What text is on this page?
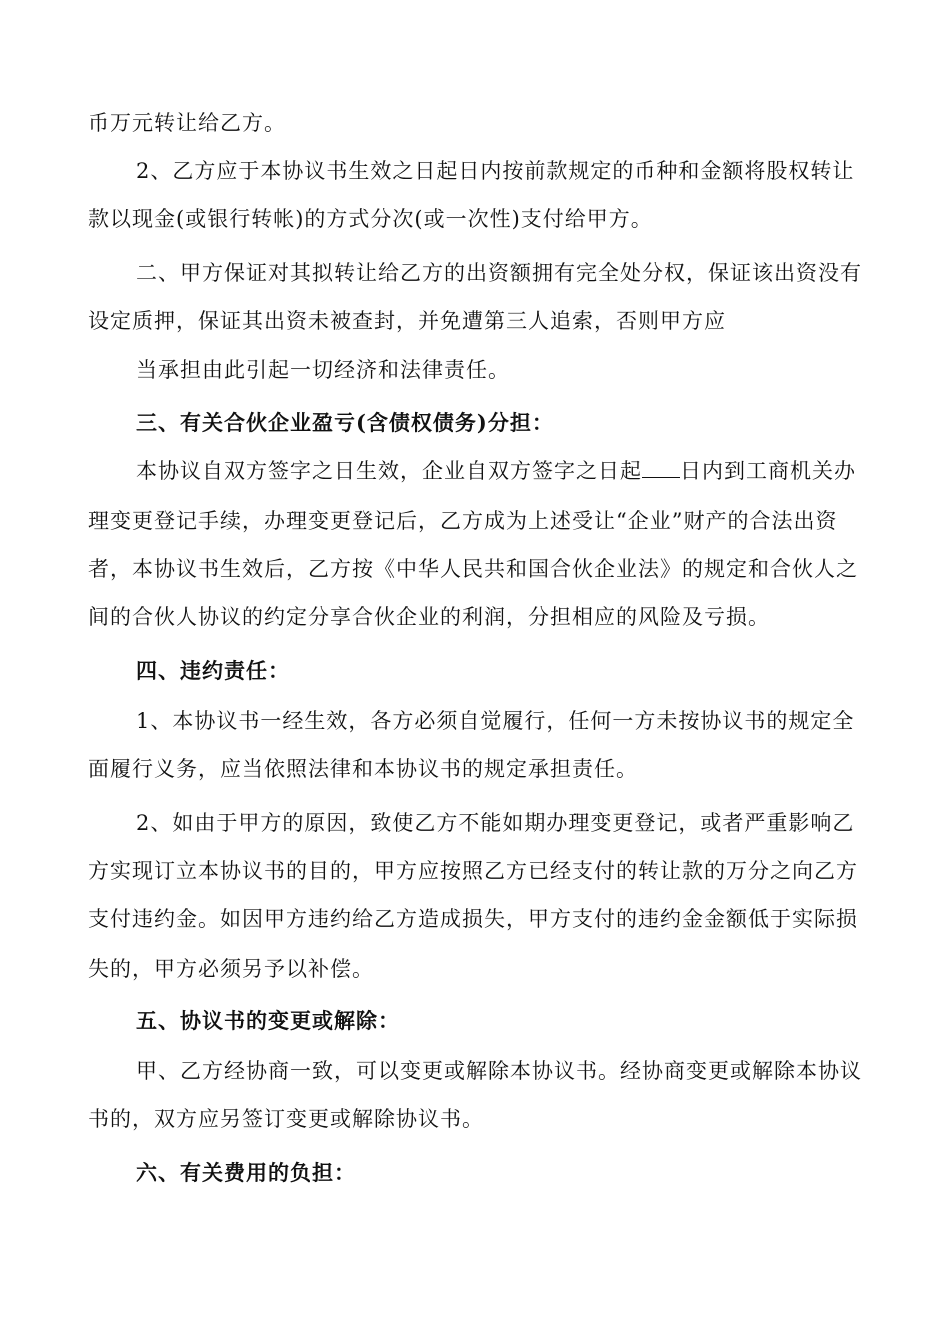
币万元转让给乙方。
2、乙方应于本协议书生效之日起日内按前款规定的币种和金额将股权转让
款以现金(或银行转帐)的方式分次(或一次性)支付给甲方。
二、甲方保证对其拟转让给乙方的出资额拥有完全处分权，保证该出资没有
设定质押，保证其出资未被查封，并免遭第三人追索，否则甲方应
当承担由此引起一切经济和法律责任。
三、有关合伙企业盈亏(含债权债务)分担：
本协议自双方签字之日生效，企业自双方签字之日起 日内到工商机关办
理变更登记手续，办理变更登记后，乙方成为上述受让“企业”财产的合法出资
者，本协议书生效后，乙方按《中华人民共和国合伙企业法》的规定和合伙人之
间的合伙人协议的约定分享合伙企业的利润，分担相应的风险及亏损。
四、违约责任：
1、本协议书一经生效，各方必须自觉履行，任何一方未按协议书的规定全
面履行义务，应当依照法律和本协议书的规定承担责任。
2、如由于甲方的原因，致使乙方不能如期办理变更登记，或者严重影响乙
方实现订立本协议书的目的，甲方应按照乙方已经支付的转让款的万分之向乙方
支付违约金。如因甲方违约给乙方造成损失，甲方支付的违约金金额低于实际损
失的，甲方必须另予以补偿。
五、协议书的变更或解除：
甲、乙方经协商一致，可以变更或解除本协议书。经协商变更或解除本协议
书的，双方应另签订变更或解除协议书。
六、有关费用的负担：
